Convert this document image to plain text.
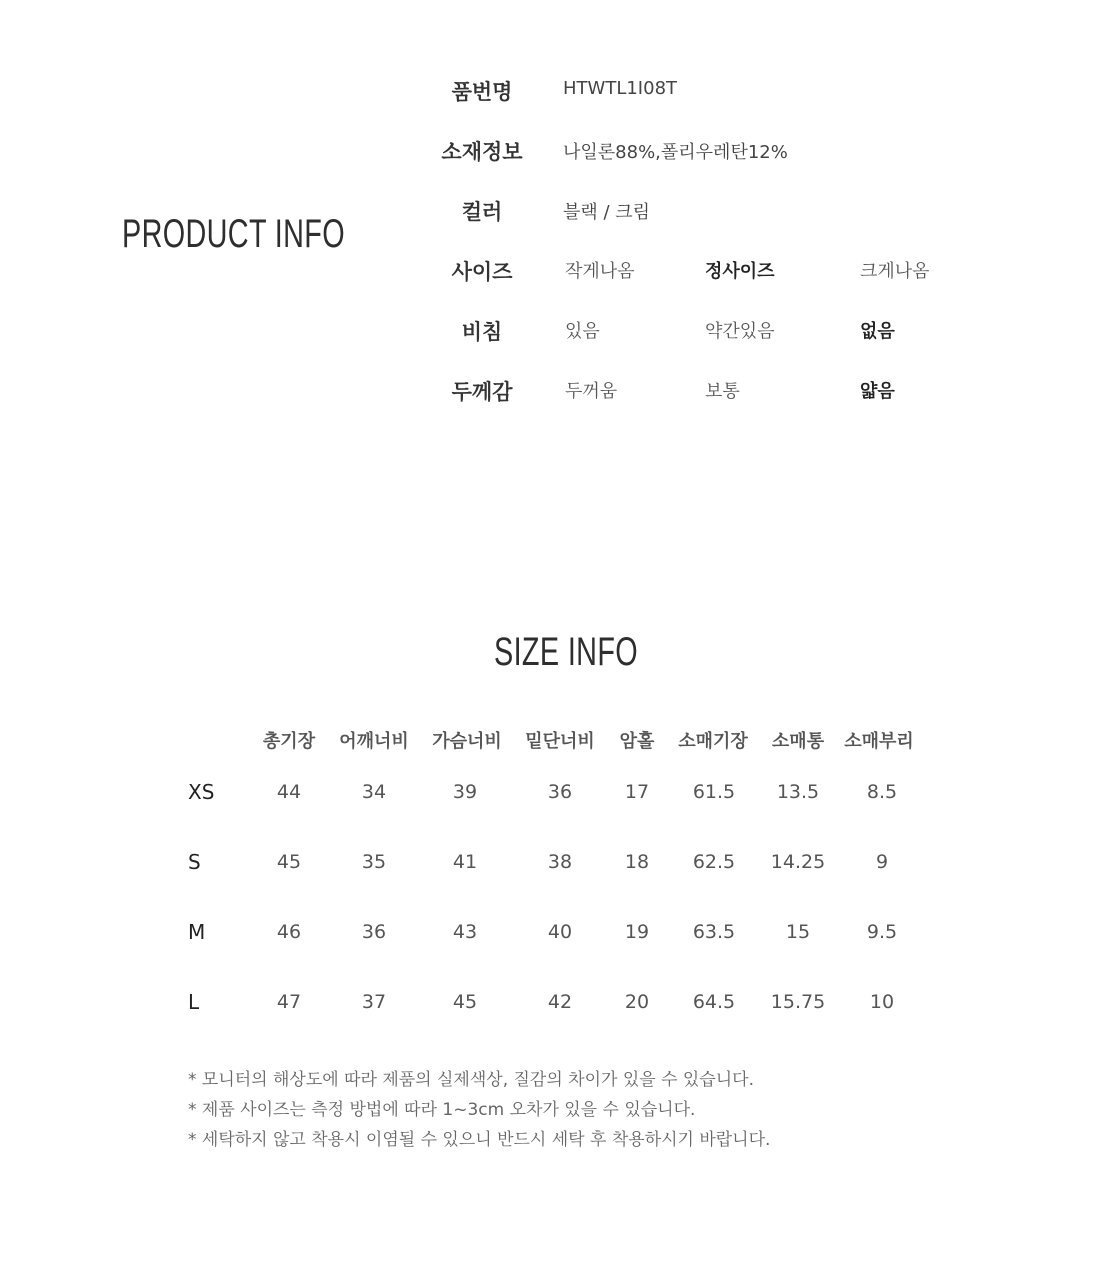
PRODUCT INFO
품번명	HTWTL1I08T
소재정보	나일론88%,폴리우레탄12%
컬러	블랙 / 크림
사이즈	작게나옴	정사이즈	크게나옴
비침	있음	약간있음	없음
두께감	두꺼움	보통	얇음
SIZE INFO
총기장 어깨너비 가슴너비 밑단너비 암홀 소매기장 소매통 소매부리
XS	44	34	39	36	17 61.5 13.5	8.5
S	45	35	41	38	18 62.5 14.25	9
M	46	36	43	40	19 63.5	15	9.5
L	47	37	45	42	20 64.5 15.75 10
* 모니터의 해상도에 따라 제품의 실제색상, 질감의 차이가 있을 수 있습니다.
* 제품 사이즈는 측정 방법에 따라 1~3cm 오차가 있을 수 있습니다.
* 세탁하지 않고 착용시 이염될 수 있으니 반드시 세탁 후 착용하시기 바랍니다.
